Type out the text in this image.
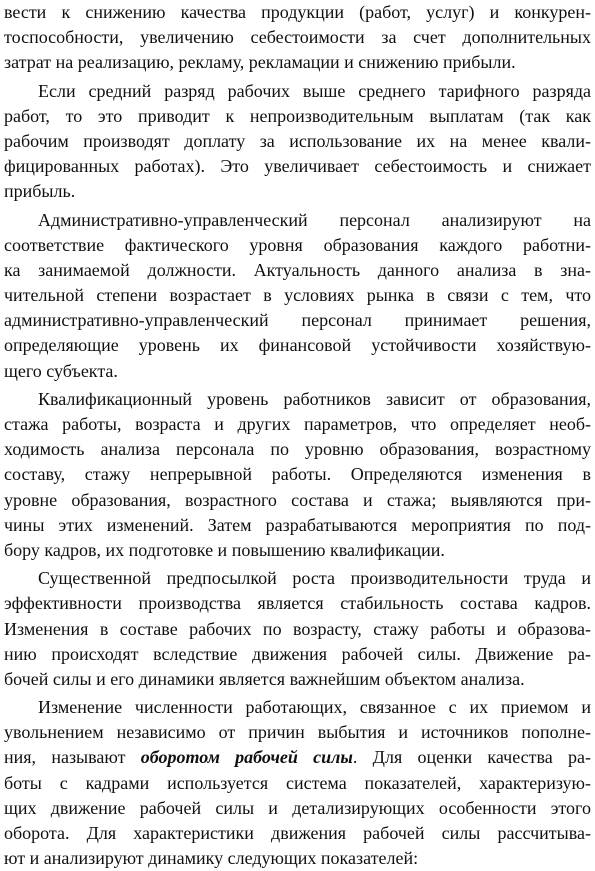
вести к снижению качества продукции (работ, услуг) и конкурен-
тоспособности, увеличению себестоимости за счет дополнительных
затрат на реализацию, рекламу, рекламации и снижению прибыли.
Если средний разряд рабочих выше среднего тарифного разряда
работ, то это приводит к непроизводительным выплатам (так как
рабочим производят доплату за использование их на менее квали-
фицированных работах). Это увеличивает себестоимость и снижает
прибыль.
Административно-управленческий персонал анализируют на
соответствие фактического уровня образования каждого работни-
ка занимаемой должности. Актуальность данного анализа в зна-
чительной степени возрастает в условиях рынка в связи с тем, что
административно-управленческий персонал принимает решения,
определяющие уровень их финансовой устойчивости хозяйствую-
щего субъекта.
Квалификационный уровень работников зависит от образования,
стажа работы, возраста и других параметров, что определяет необ-
ходимость анализа персонала по уровню образования, возрастному
составу, стажу непрерывной работы. Определяются изменения в
уровне образования, возрастного состава и стажа; выявляются при-
чины этих изменений. Затем разрабатываются мероприятия по под-
бору кадров, их подготовке и повышению квалификации.
Существенной предпосылкой роста производительности труда и
эффективности производства является стабильность состава кадров.
Изменения в составе рабочих по возрасту, стажу работы и образова-
нию происходят вследствие движения рабочей силы. Движение ра-
бочей силы и его динамики является важнейшим объектом анализа.
Изменение численности работающих, связанное с их приемом и
увольнением независимо от причин выбытия и источников пополне-
ния, называют оборотом рабочей силы. Для оценки качества ра-
боты с кадрами используется система показателей, характеризую-
щих движение рабочей силы и детализирующих особенности этого
оборота. Для характеристики движения рабочей силы рассчитыва-
ют и анализируют динамику следующих показателей:
